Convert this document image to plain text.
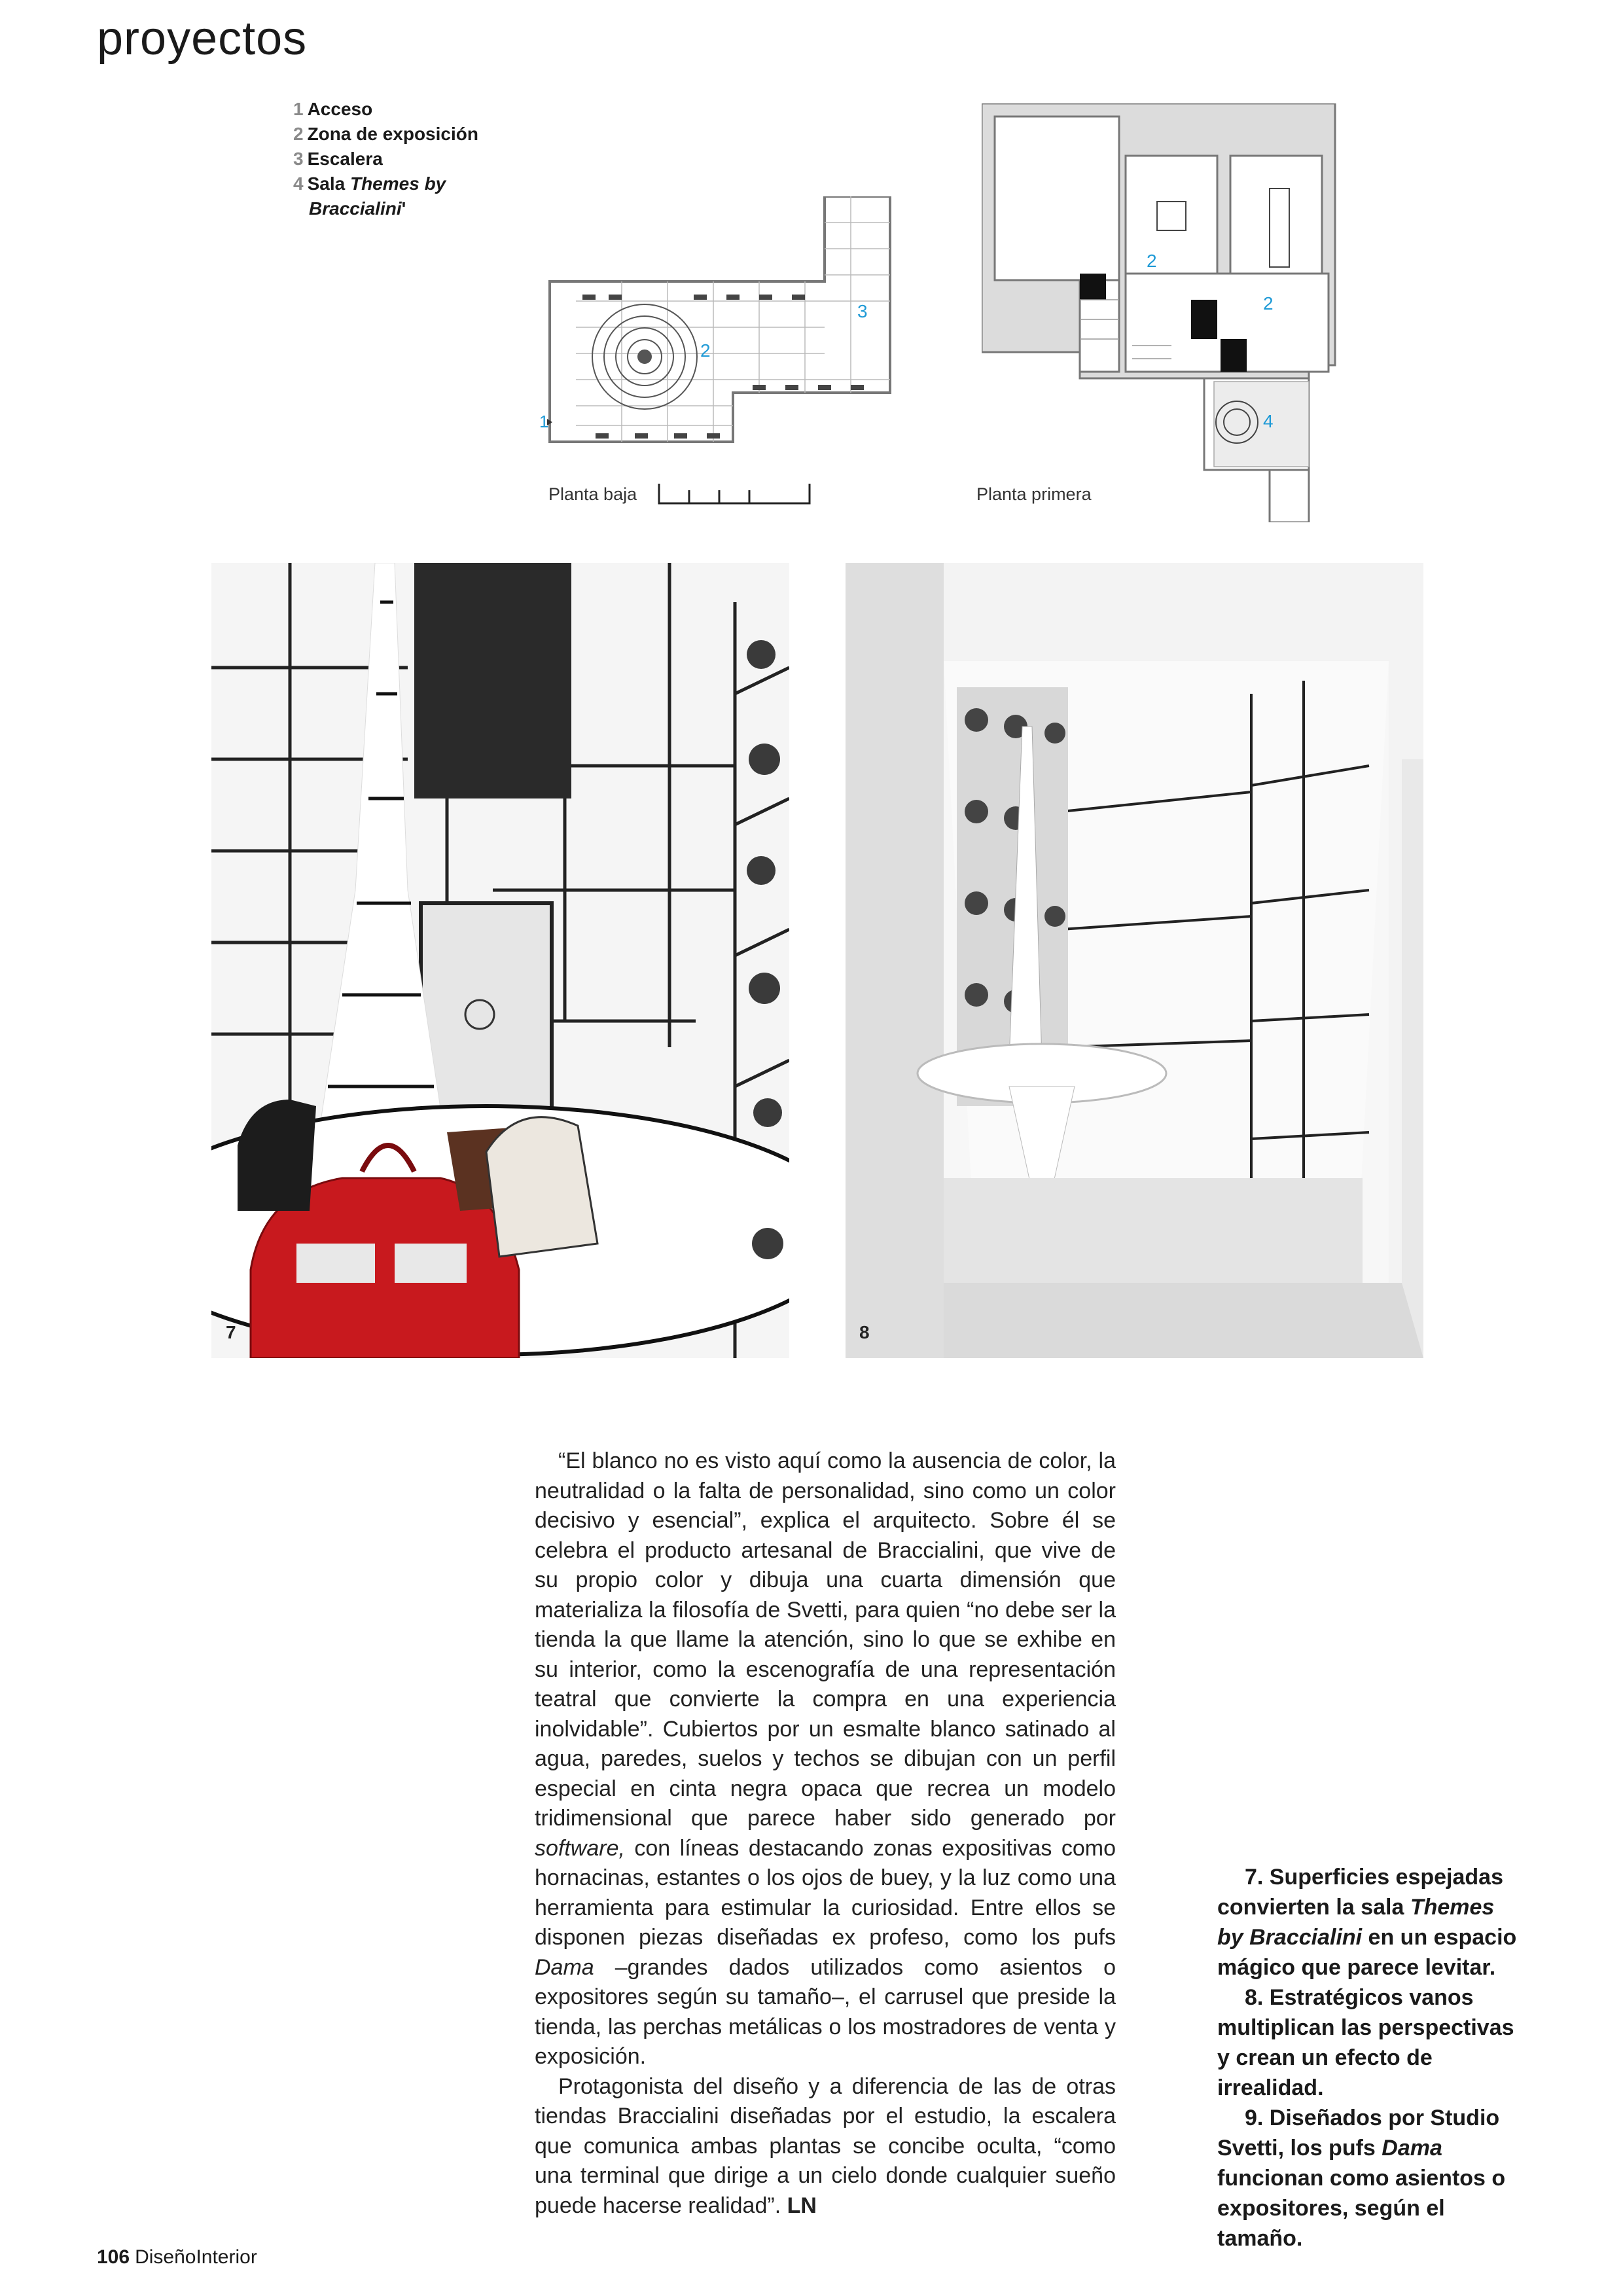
proyectos
1 Acceso
2 Zona de exposición
3 Escalera
4 Sala Themes by
Braccialini'
1
2
3
Planta baja
2
2
4
Planta primera
7	8

“El blanco no es visto aquí como la ausencia de color, la neutralidad o la falta de personalidad, sino como un color decisivo y esencial”, explica el arquitecto. Sobre él se celebra el producto artesanal de Braccialini, que vive de su propio color y dibuja una cuarta dimensión que materializa la filosofía de Svetti, para quien “no debe ser la tienda la que llame la atención, sino lo que se exhibe en su interior, como la escenografía de una representación teatral que convierte la compra en una experiencia inolvidable”. Cubiertos por un esmalte blanco satinado al agua, paredes, suelos y techos se dibujan con un perfil especial en cinta negra opaca que recrea un modelo tridimensional que parece haber sido generado por software, con líneas destacando zonas expositivas como hornacinas, estantes o los ojos de buey, y la luz como una herramienta para estimular la curiosidad. Entre ellos se disponen piezas diseñadas ex profeso, como los pufs Dama –grandes dados utilizados como asientos o expositores según su tamaño–, el carrusel que preside la tienda, las perchas metálicas o los mostradores de venta y exposición.

Protagonista del diseño y a diferencia de las de otras tiendas Braccialini diseñadas por el estudio, la escalera que comunica ambas plantas se concibe oculta, “como una terminal que dirige a un cielo donde cualquier sueño puede hacerse realidad”. LN

7. Superficies espejadas convierten la sala Themes by Braccialini en un espacio mágico que parece levitar.

8. Estratégicos vanos multiplican las perspectivas y crean un efecto de irrealidad.

9. Diseñados por Studio Svetti, los pufs Dama funcionan como asientos o expositores, según el tamaño.

106 DiseñoInterior
